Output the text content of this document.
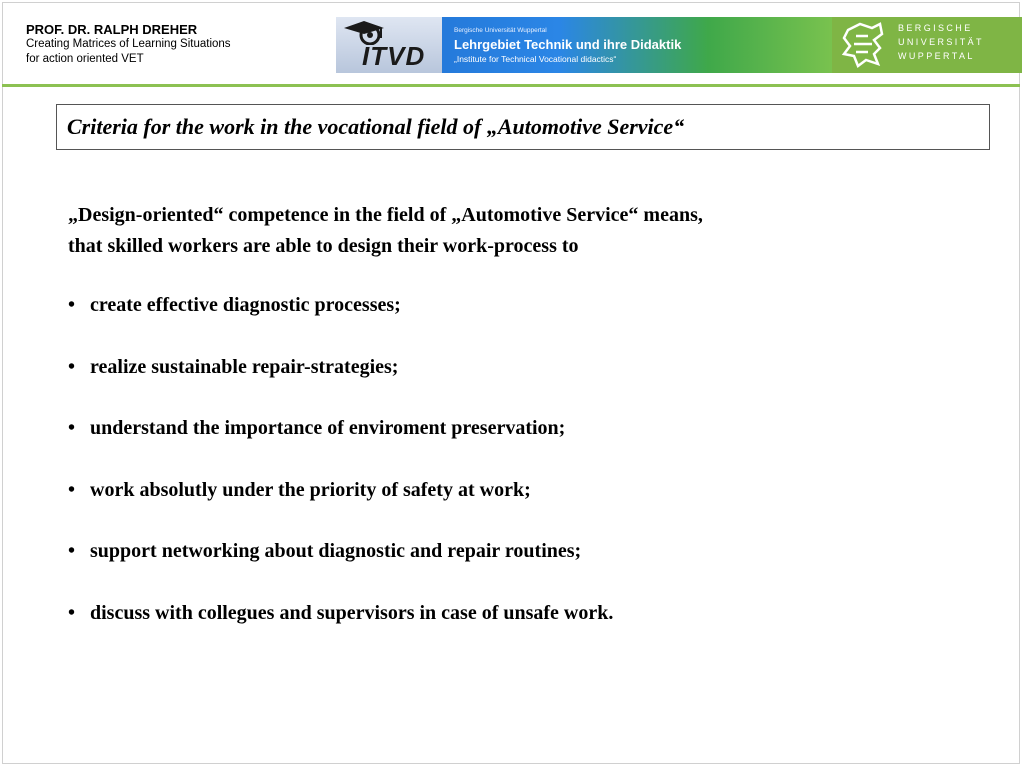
PROF. DR. RALPH DREHER
Creating Matrices of Learning Situations
for action oriented VET	ITVD
Bergische Universität Wuppertal
Lehrgebiet Technik und ihre Didaktik
„Institute for Technical Vocational didactics“
BERGISCHE
UNIVERSITÄT
WUPPERTAL
Criteria for the work in the vocational field of „Automotive Service“
„Design-oriented“ competence in the field of „Automotive Service“ means,
that skilled workers are able to design their work-process to
• create effective diagnostic processes;
• realize sustainable repair-strategies;
• understand the importance of enviroment preservation;
• work absolutly under the priority of safety at work;
• support networking about diagnostic and repair routines;
• discuss with collegues and supervisors in case of unsafe work.
